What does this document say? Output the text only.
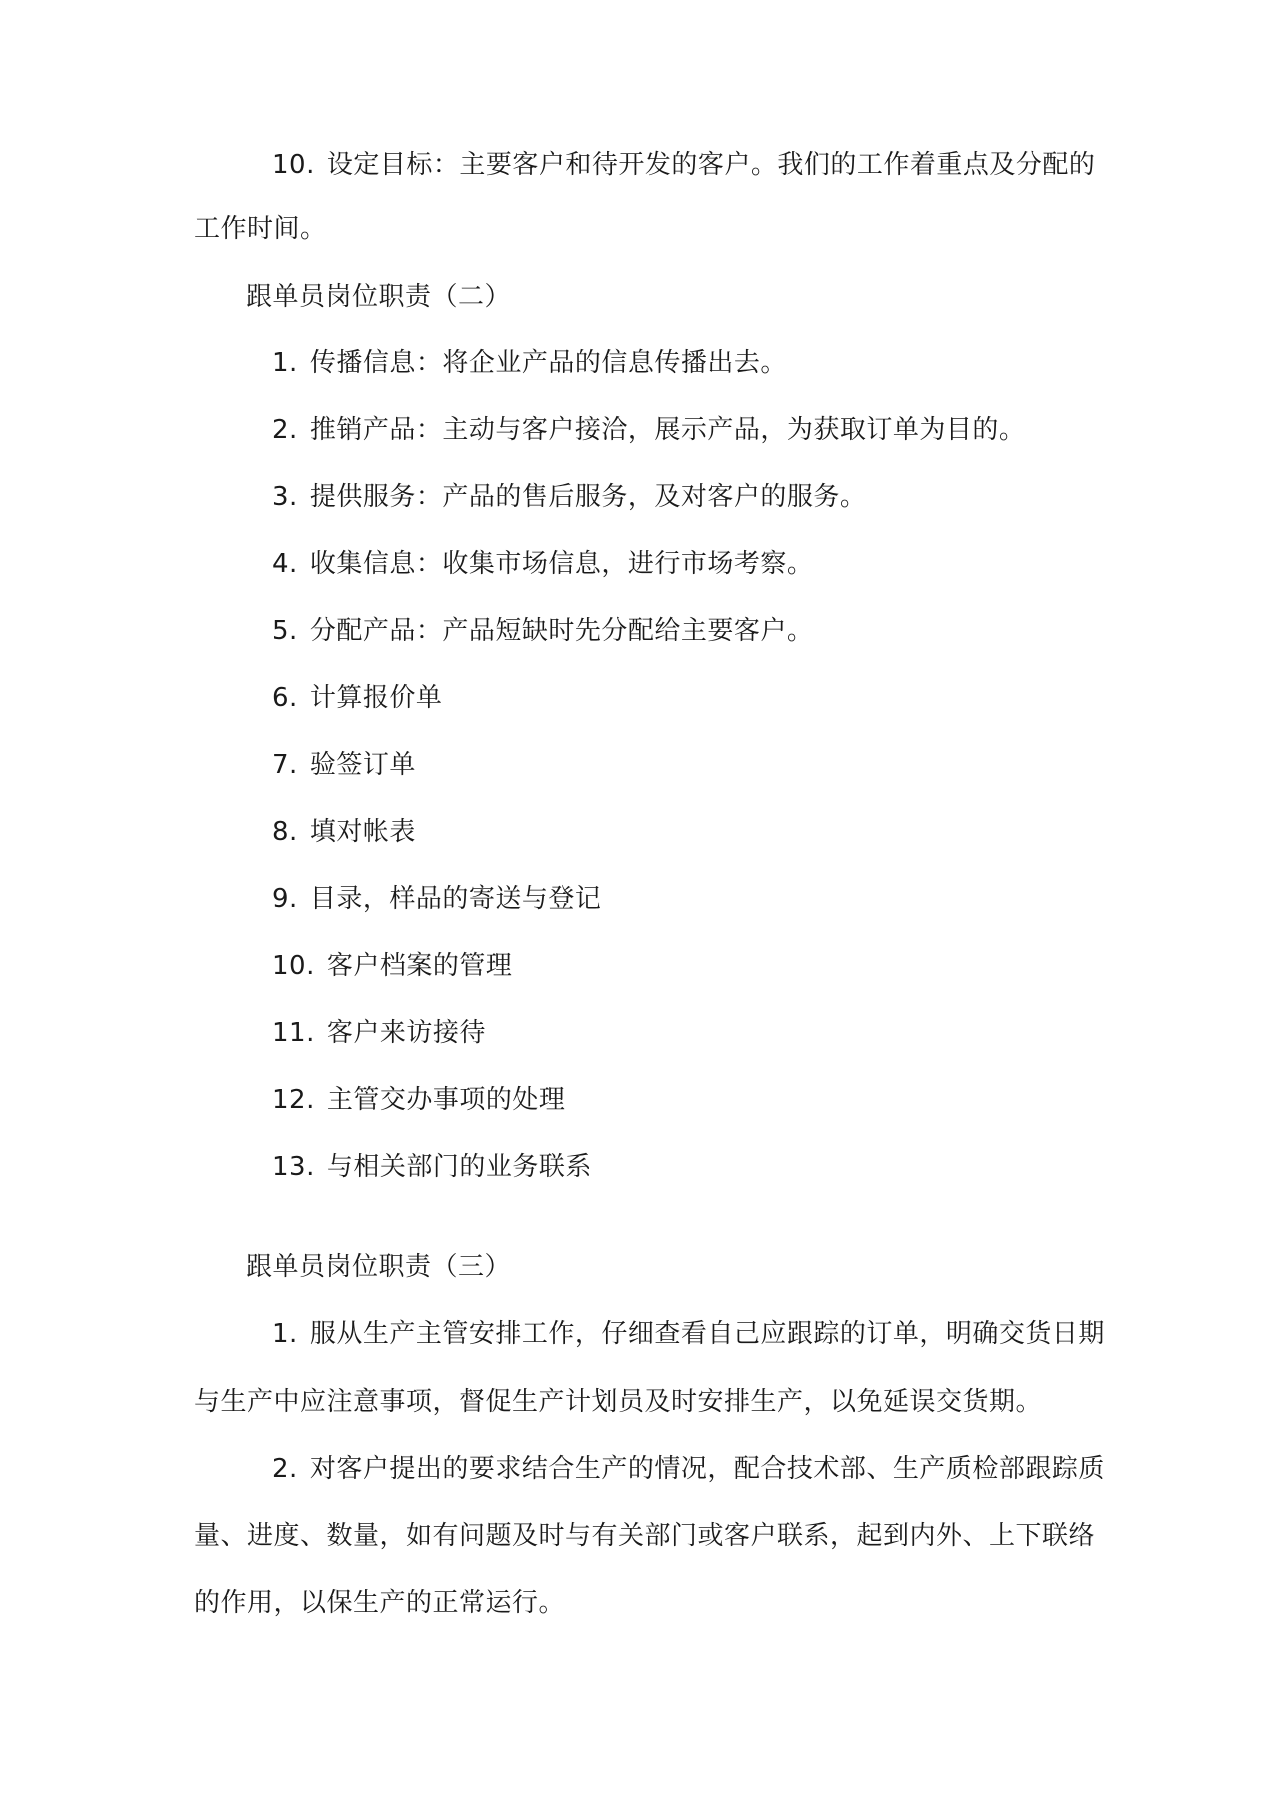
10. 设定目标：主要客户和待开发的客户。我们的工作着重点及分配的
工作时间。
跟单员岗位职责（二）
1. 传播信息：将企业产品的信息传播出去。
2. 推销产品：主动与客户接洽，展示产品，为获取订单为目的。
3. 提供服务：产品的售后服务，及对客户的服务。
4. 收集信息：收集市场信息，进行市场考察。
5. 分配产品：产品短缺时先分配给主要客户。
6. 计算报价单
7. 验签订单
8. 填对帐表
9. 目录，样品的寄送与登记
10. 客户档案的管理
11. 客户来访接待
12. 主管交办事项的处理
13. 与相关部门的业务联系
跟单员岗位职责（三）
1. 服从生产主管安排工作，仔细查看自己应跟踪的订单，明确交货日期
与生产中应注意事项，督促生产计划员及时安排生产，以免延误交货期。
2. 对客户提出的要求结合生产的情况，配合技术部、生产质检部跟踪质
量、进度、数量，如有问题及时与有关部门或客户联系，起到内外、上下联络
的作用，以保生产的正常运行。
